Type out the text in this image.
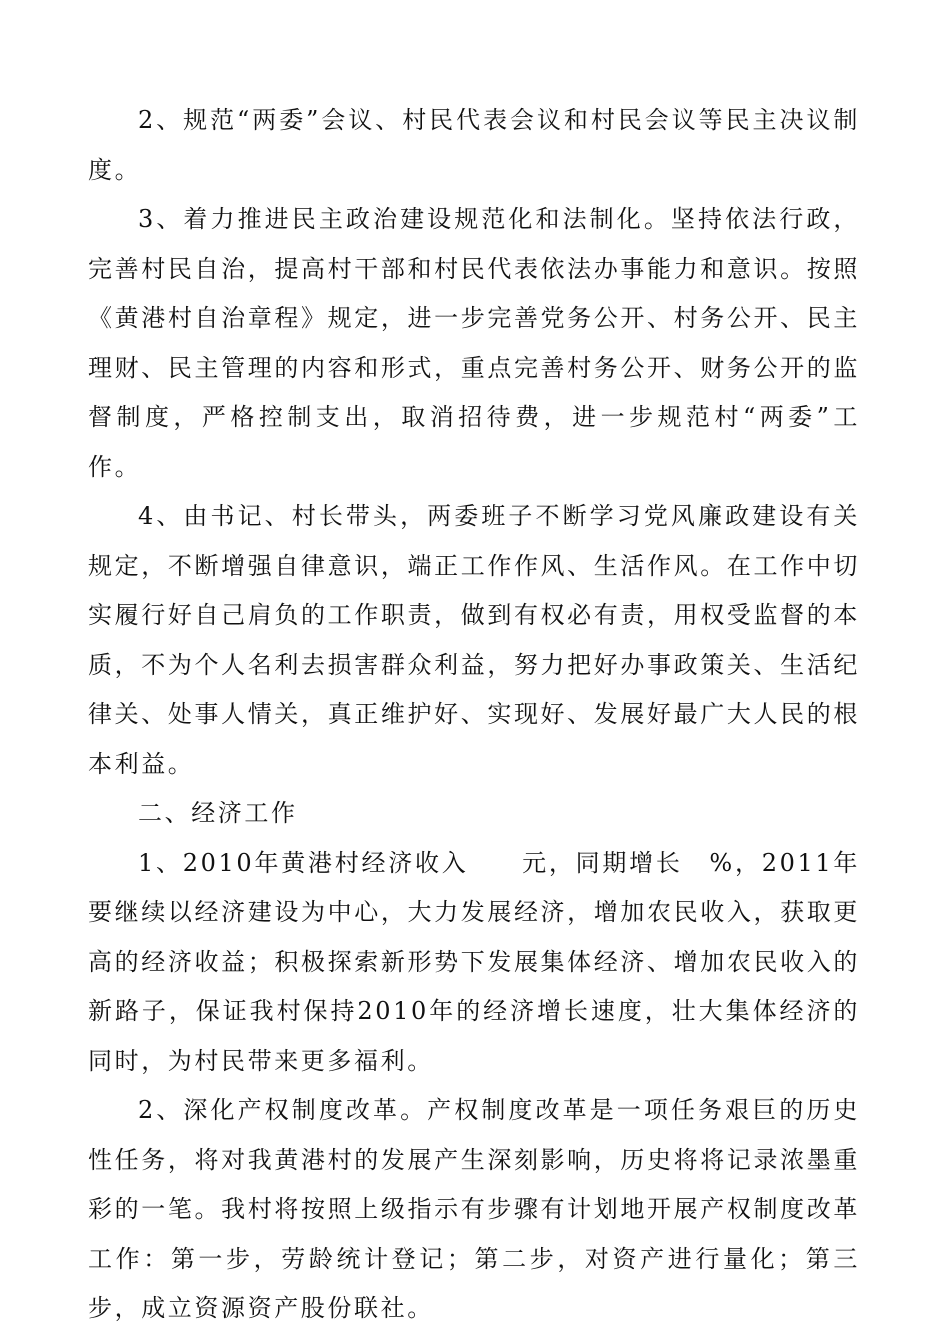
2、规范“两委”会议、村民代表会议和村民会议等民主决议制度。

3、着力推进民主政治建设规范化和法制化。坚持依法行政，完善村民自治，提高村干部和村民代表依法办事能力和意识。按照《黄港村自治章程》规定，进一步完善党务公开、村务公开、民主理财、民主管理的内容和形式，重点完善村务公开、财务公开的监督制度，严格控制支出，取消招待费，进一步规范村“两委”工作。

4、由书记、村长带头，两委班子不断学习党风廉政建设有关规定，不断增强自律意识，端正工作作风、生活作风。在工作中切实履行好自己肩负的工作职责，做到有权必有责，用权受监督的本质，不为个人名利去损害群众利益，努力把好办事政策关、生活纪律关、处事人情关，真正维护好、实现好、发展好最广大人民的根本利益。

二、经济工作

1、2010年黄港村经济收入　　元，同期增长　%，2011年要继续以经济建设为中心，大力发展经济，增加农民收入，获取更高的经济收益；积极探索新形势下发展集体经济、增加农民收入的新路子，保证我村保持2010年的经济增长速度，壮大集体经济的同时，为村民带来更多福利。

2、深化产权制度改革。产权制度改革是一项任务艰巨的历史性任务，将对我黄港村的发展产生深刻影响，历史将将记录浓墨重彩的一笔。我村将按照上级指示有步骤有计划地开展产权制度改革工作：第一步，劳龄统计登记；第二步，对资产进行量化；第三步，成立资源资产股份联社。
